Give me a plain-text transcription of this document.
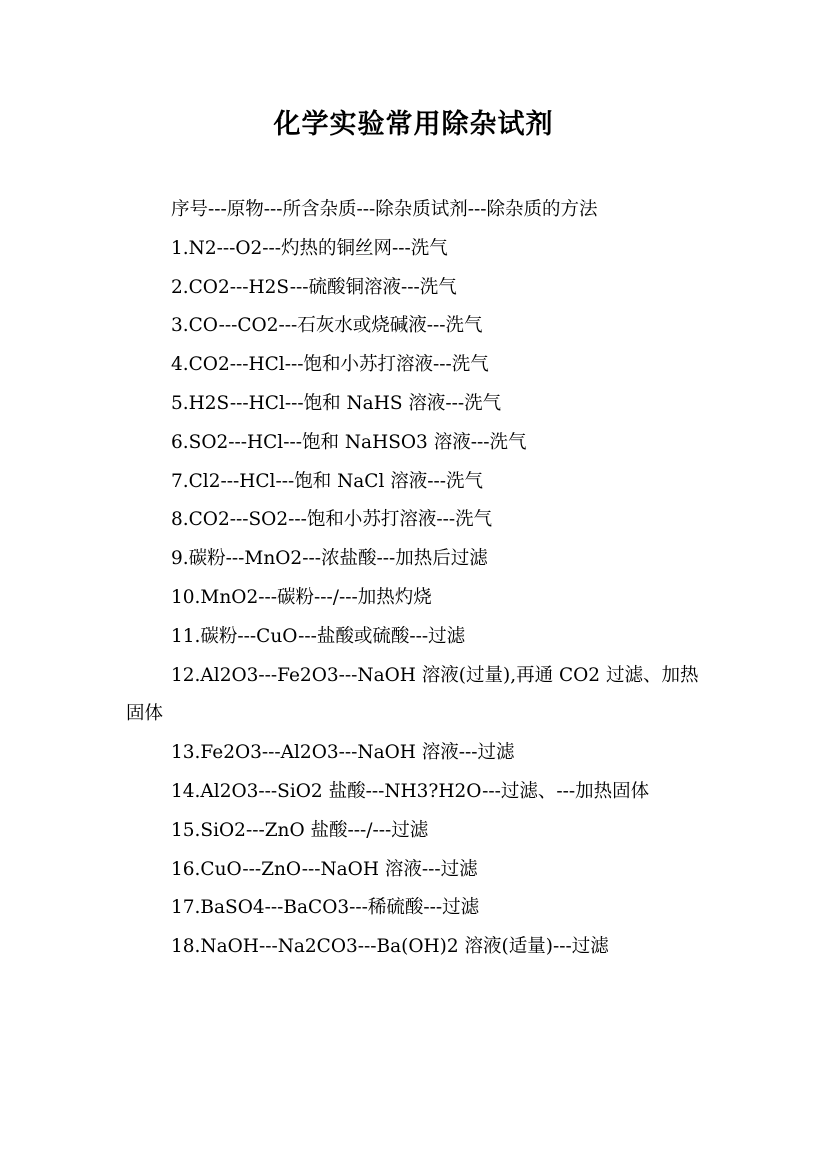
化学实验常用除杂试剂

序号---原物---所含杂质---除杂质试剂---除杂质的方法

1.N2---O2---灼热的铜丝网---洗气

2.CO2---H2S---硫酸铜溶液---洗气

3.CO---CO2---石灰水或烧碱液---洗气

4.CO2---HCl---饱和小苏打溶液---洗气

5.H2S---HCl---饱和 NaHS 溶液---洗气

6.SO2---HCl---饱和 NaHSO3 溶液---洗气

7.Cl2---HCl---饱和 NaCl 溶液---洗气

8.CO2---SO2---饱和小苏打溶液---洗气

9.碳粉---MnO2---浓盐酸---加热后过滤

10.MnO2---碳粉---/---加热灼烧

11.碳粉---CuO---盐酸或硫酸---过滤

12.Al2O3---Fe2O3---NaOH 溶液(过量),再通 CO2 过滤、加热固体

13.Fe2O3---Al2O3---NaOH 溶液---过滤

14.Al2O3---SiO2 盐酸---NH3?H2O---过滤、---加热固体

15.SiO2---ZnO 盐酸---/---过滤

16.CuO---ZnO---NaOH 溶液---过滤

17.BaSO4---BaCO3---稀硫酸---过滤

18.NaOH---Na2CO3---Ba(OH)2 溶液(适量)---过滤
